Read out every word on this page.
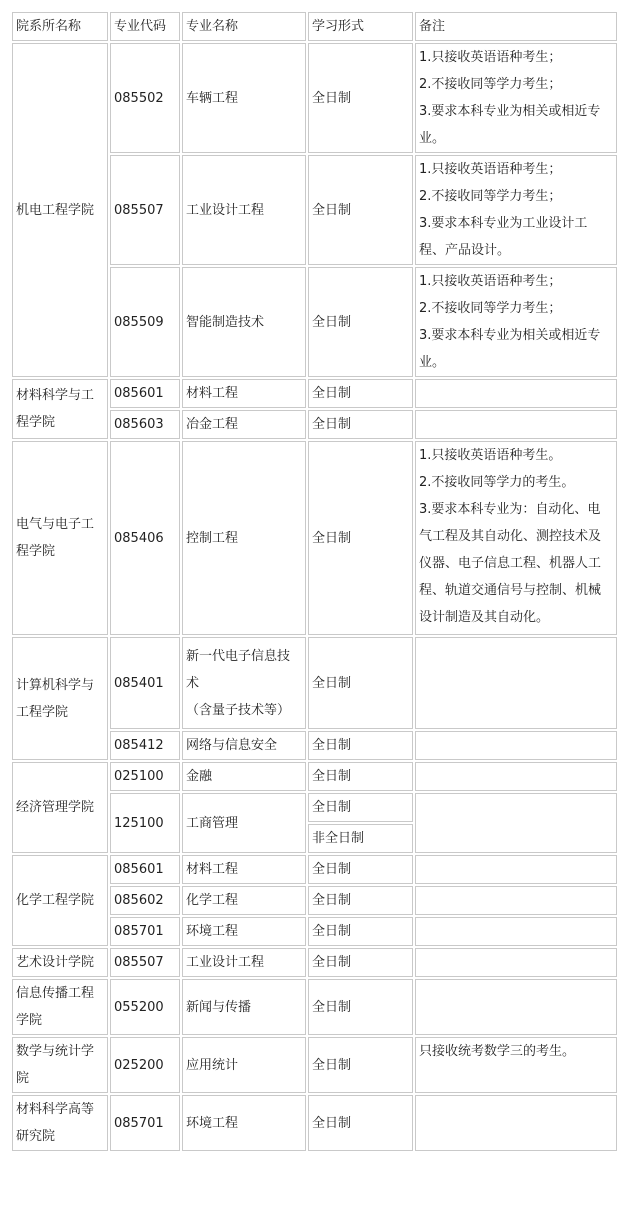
院系所名称	专业代码	专业名称	学习形式	备注
机电工程学院	085502	车辆工程	全日制	1.只接收英语语种考生；
2.不接收同等学力考生；
3.要求本科专业为相关或相近专业。

	085507	工业设计工程	全日制	1.只接收英语语种考生；
2.不接收同等学力考生；
3.要求本科专业为工业设计工程、产品设计。

	085509	智能制造技术	全日制	1.只接收英语语种考生；
2.不接收同等学力考生；
3.要求本科专业为相关或相近专业。

材料科学与工程学院	085601	材料工程	全日制	
	085603	冶金工程	全日制	
电气与电子工程学院	085406	控制工程	全日制	1.只接收英语语种考生。
2.不接收同等学力的考生。
3.要求本科专业为：自动化、电气工程及其自动化、测控技术及仪器、电子信息工程、机器人工程、轨道交通信号与控制、机械设计制造及其自动化。

计算机科学与工程学院	085401	新一代电子信息技术
（含量子技术等）	全日制	
	085412	网络与信息安全	全日制	
经济管理学院	025100	金融	全日制	
	125100	工商管理	全日制	
			非全日制	
化学工程学院	085601	材料工程	全日制	
	085602	化学工程	全日制	
	085701	环境工程	全日制	
艺术设计学院	085507	工业设计工程	全日制	
信息传播工程学院	055200	新闻与传播	全日制	
数学与统计学院	025200	应用统计	全日制	只接收统考数学三的考生。

材料科学高等研究院	085701	环境工程	全日制	
